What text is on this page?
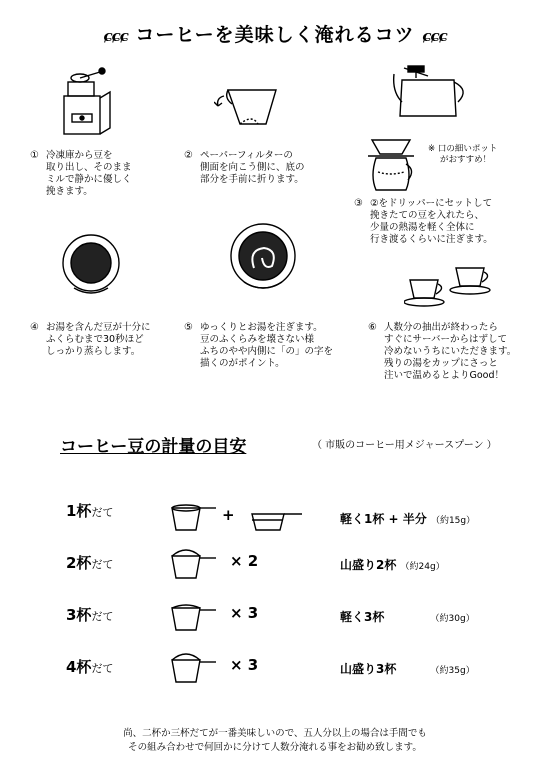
ɕɕɕ コーヒーを美味しく淹れるコツ ɕɕɕ
① 冷凍庫から豆を
取り出し、そのまま
ミルで静かに優しく
挽きます。
② ペーパーフィルターの
側面を向こう側に、底の
部分を手前に折ります。
※ 口の細いポット
がおすすめ！
③ ②をドリッパーにセットして
挽きたての豆を入れたら、
少量の熱湯を軽く全体に
行き渡るくらいに注ぎます。
④ お湯を含んだ豆が十分に
ふくらむまで30秒ほど
しっかり蒸らします。
⑤ ゆっくりとお湯を注ぎます。
豆のふくらみを壊さない様
ふちのやや内側に「の」の字を
描くのがポイント。
⑥ 人数分の抽出が終わったら
すぐにサーバーからはずして
冷めないうちにいただきます。
残りの湯をカップにさっと
注いで温めるとよりGood！
コーヒー豆の計量の目安	（ 市販のコーヒー用メジャースプーン ）
1杯だて	+	軽く1杯 + 半分 （約15g）
2杯だて	× 2	山盛り2杯 （約24g）
3杯だて	× 3	軽く3杯	（約30g）
4杯だて	× 3	山盛り3杯	（約35g）
尚、二杯か三杯だてが一番美味しいので、五人分以上の場合は手間でも
その組み合わせで何回かに分けて人数分淹れる事をお勧め致します。
